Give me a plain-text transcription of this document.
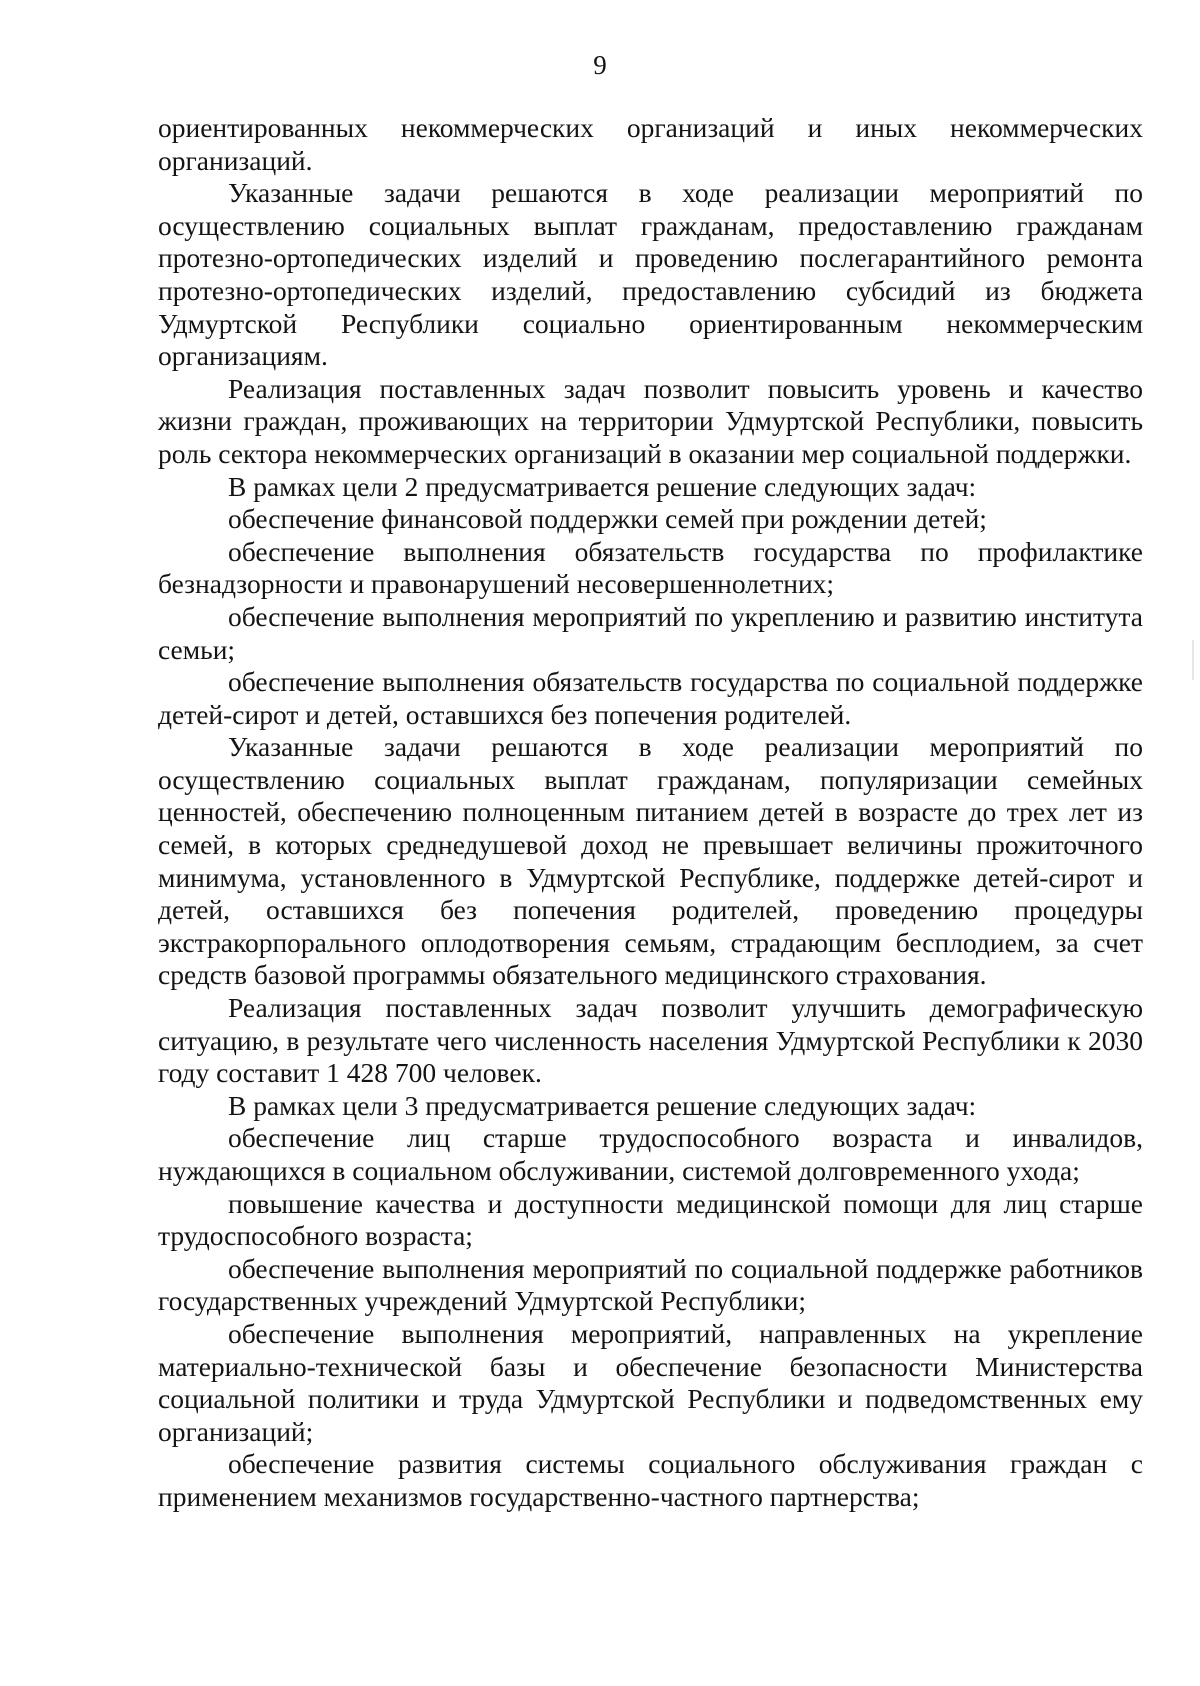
9

ориентированных некоммерческих организаций и иных некоммерческих организаций.

Указанные задачи решаются в ходе реализации мероприятий по осуществлению социальных выплат гражданам, предоставлению гражданам протезно-ортопедических изделий и проведению послегарантийного ремонта протезно-ортопедических изделий, предоставлению субсидий из бюджета Удмуртской Республики социально ориентированным некоммерческим организациям.

Реализация поставленных задач позволит повысить уровень и качество жизни граждан, проживающих на территории Удмуртской Республики, повысить роль сектора некоммерческих организаций в оказании мер социальной поддержки.

В рамках цели 2 предусматривается решение следующих задач:

обеспечение финансовой поддержки семей при рождении детей;

обеспечение выполнения обязательств государства по профилактике безнадзорности и правонарушений несовершеннолетних;

обеспечение выполнения мероприятий по укреплению и развитию института семьи;

обеспечение выполнения обязательств государства по социальной поддержке детей-сирот и детей, оставшихся без попечения родителей.

Указанные задачи решаются в ходе реализации мероприятий по осуществлению социальных выплат гражданам, популяризации семейных ценностей, обеспечению полноценным питанием детей в возрасте до трех лет из семей, в которых среднедушевой доход не превышает величины прожиточного минимума, установленного в Удмуртской Республике, поддержке детей-сирот и детей, оставшихся без попечения родителей, проведению процедуры экстракорпорального оплодотворения семьям, страдающим бесплодием, за счет средств базовой программы обязательного медицинского страхования.

Реализация поставленных задач позволит улучшить демографическую ситуацию, в результате чего численность населения Удмуртской Республики к 2030 году составит 1 428 700 человек.

В рамках цели 3 предусматривается решение следующих задач:

обеспечение лиц старше трудоспособного возраста и инвалидов, нуждающихся в социальном обслуживании, системой долговременного ухода;

повышение качества и доступности медицинской помощи для лиц старше трудоспособного возраста;

обеспечение выполнения мероприятий по социальной поддержке работников государственных учреждений Удмуртской Республики;

обеспечение выполнения мероприятий, направленных на укрепление материально-технической базы и обеспечение безопасности Министерства социальной политики и труда Удмуртской Республики и подведомственных ему организаций;

обеспечение развития системы социального обслуживания граждан с применением механизмов государственно-частного партнерства;
